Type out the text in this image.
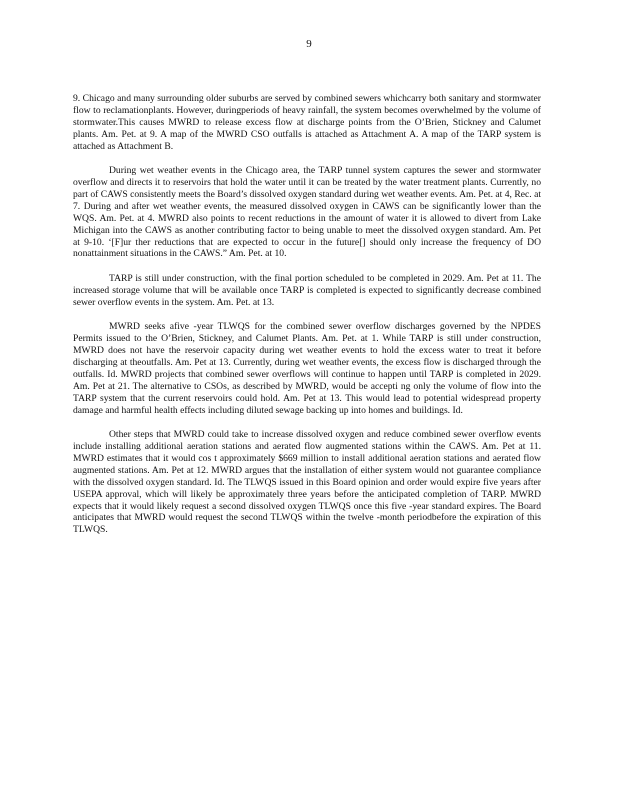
9

9. Chicago and many surrounding older suburbs are served by combined sewers whichcarry both sanitary and stormwater flow to reclamationplants. However, duringperiods of heavy rainfall, the system becomes overwhelmed by the volume of stormwater.This causes MWRD to release excess flow at discharge points from the O’Brien, Stickney and Calumet plants. Am. Pet. at 9. A map of the MWRD CSO outfalls is attached as Attachment A. A map of the TARP system is attached as Attachment B.

During wet weather events in the Chicago area, the TARP tunnel system captures the sewer and stormwater overflow and directs it to reservoirs that hold the water until it can be treated by the water treatment plants. Currently, no part of CAWS consistently meets the Board’s dissolved oxygen standard during wet weather events. Am. Pet. at 4, Rec. at 7. During and after wet weather events, the measured dissolved oxygen in CAWS can be significantly lower than the WQS. Am. Pet. at 4. MWRD also points to recent reductions in the amount of water it is allowed to divert from Lake Michigan into the CAWS as another contributing factor to being unable to meet the dissolved oxygen standard. Am. Pet at 9-10. ‘[F]ur ther reductions that are expected to occur in the future[] should only increase the frequency of DO nonattainment situations in the CAWS.” Am. Pet. at 10.

TARP is still under construction, with the final portion scheduled to be completed in 2029. Am. Pet at 11. The increased storage volume that will be available once TARP is completed is expected to significantly decrease combined sewer overflow events in the system. Am. Pet. at 13.

MWRD seeks afive -year TLWQS for the combined sewer overflow discharges governed by the NPDES Permits issued to the O’Brien, Stickney, and Calumet Plants. Am. Pet. at 1. While TARP is still under construction, MWRD does not have the reservoir capacity during wet weather events to hold the excess water to treat it before discharging at theoutfalls. Am. Pet at 13. Currently, during wet weather events, the excess flow is discharged through the outfalls. Id. MWRD projects that combined sewer overflows will continue to happen until TARP is completed in 2029. Am. Pet at 21. The alternative to CSOs, as described by MWRD, would be accepti ng only the volume of flow into the TARP system that the current reservoirs could hold. Am. Pet at 13. This would lead to potential widespread property damage and harmful health effects including diluted sewage backing up into homes and buildings. Id.

Other steps that MWRD could take to increase dissolved oxygen and reduce combined sewer overflow events include installing additional aeration stations and aerated flow augmented stations within the CAWS. Am. Pet at 11. MWRD estimates that it would cos t approximately $669 million to install additional aeration stations and aerated flow augmented stations. Am. Pet at 12. MWRD argues that the installation of either system would not guarantee compliance with the dissolved oxygen standard. Id. The TLWQS issued in this Board opinion and order would expire five years after USEPA approval, which will likely be approximately three years before the anticipated completion of TARP. MWRD expects that it would likely request a second dissolved oxygen TLWQS once this five -year standard expires. The Board anticipates that MWRD would request the second TLWQS within the twelve -month periodbefore the expiration of this TLWQS.
